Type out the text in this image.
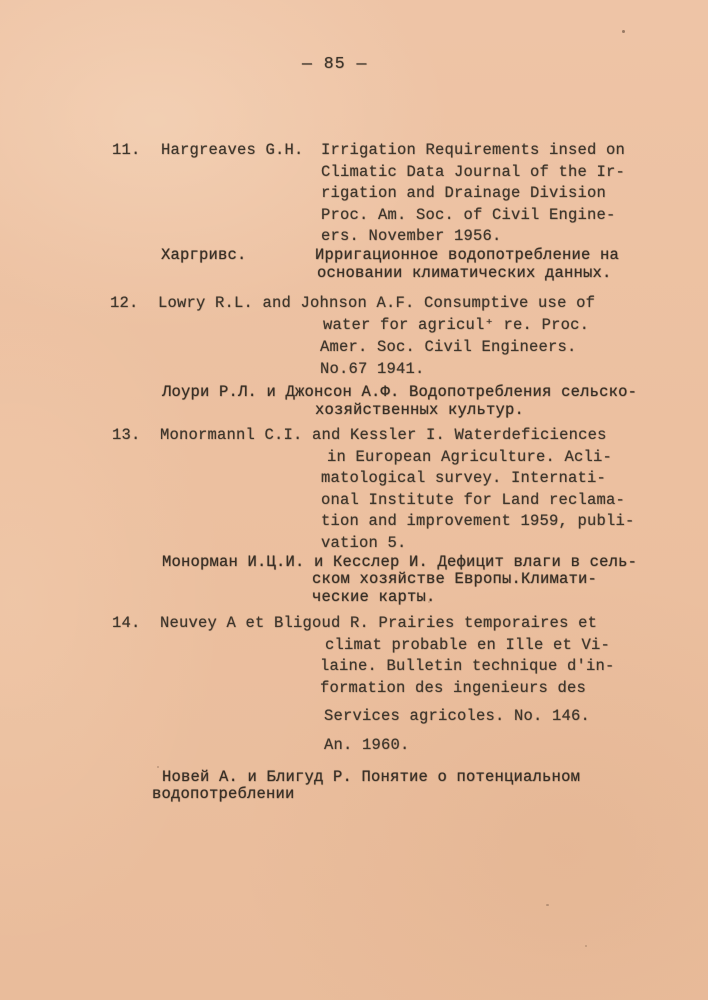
— 85 —
11. Hargreaves G.H. Irrigation Requirements insed on
Climatic Data Journal of the Ir-
rigation and Drainage Division
Proc. Am. Soc. of Civil Engine-
ers. November 1956.
Харгривс.	Ирригационное водопотребление на
основании климатических данных.
12. Lowry R.L. and Johnson A.F. Consumptive use of
water for agricul⁺ re. Proc.
Amer. Soc. Civil Engineers.
No.67 1941.
Лоури Р.Л. и Джонсон А.Ф. Водопотребления сельско-
хозяйственных культур.
13. Monormannl C.I. and Kessler I. Waterdeficiences
in European Agriculture. Acli-
matological survey. Internati-
onal Institute for Land reclama-
tion and improvement 1959, publi-
vation 5.
Монорман И.Ц.И. и Кесслер И. Дефицит влаги в сель-
ском хозяйстве Европы.Климати-
ческие карты.
14. Neuvey A et Bligoud R. Prairies temporaires et
climat probable en Ille et Vi-
laine. Bulletin technique d'in-
formation des ingenieurs des
Services agricoles. No. 146.
An. 1960.
Новей А. и Блигуд Р. Понятие о потенциальном
водопотреблении
